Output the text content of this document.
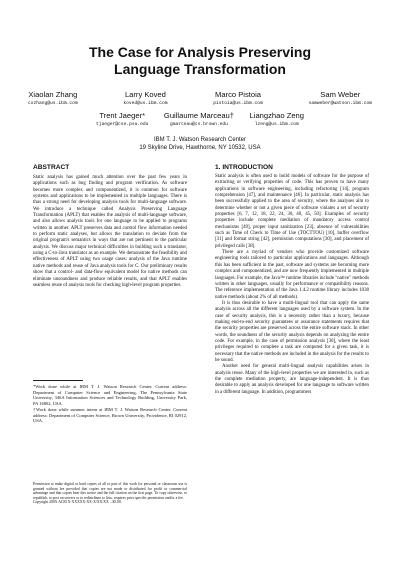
The Case for Analysis Preserving
Language Transformation
Xiaolan Zhang
cxzhang@us.ibm.com
Larry Koved
koved@us.ibm.com
Marco Pistoia
pistoia@us.ibm.com
Sam Weber
samweber@watson.ibm.com
Trent Jaeger*
tjaeger@cse.psu.edu
Guillaume Marceau†
gmarceau@cs.brown.edu
Liangzhao Zeng
lzeng@us.ibm.com
IBM T. J. Watson Research Center
19 Skyline Drive, Hawthorne, NY 10532, USA
ABSTRACT

Static analysis has gained much attention over the past few years in applications such as bug finding and program verification. As software becomes more complex and componentized, it is common for software systems and applications to be implemented in multiple languages. There is thus a strong need for developing analysis tools for multi-language software. We introduce a technique called Analysis Preserving Language Transformation (APLT) that enables the analysis of multi-language software, and also allows analysis tools for one language to be applied to programs written in another. APLT preserves data and control flow information needed to perform static analyses, but allows the translation to deviate from the original program's semantics in ways that are not pertinent to the particular analysis. We discuss major technical difficulties in building such a translator, using a C-to-Java translator as an example. We demonstrate the feasibility and effectiveness of APLT using two usage cases: analysis of the Java runtime native methods and reuse of Java analysis tools for C. Our preliminary results show that a control- and data-flow equivalent model for native methods can eliminate unsoundness and produce reliable results, and that APLT enables seamless reuse of analysis tools for checking high-level program properties.

*Work done while at IBM T. J. Watson Research Center. Current address: Department of Computer Science and Engineering, The Pennsylvania State University, 346A Information Sciences and Technology Building, University Park, PA 16802, USA.

†Work done while summer intern at IBM T. J. Watson Research Center. Current address: Department of Computer Science, Brown University, Providence, RI 02912, USA.

Permission to make digital or hard copies of all or part of this work for personal or classroom use is granted without fee provided that copies are not made or distributed for profit or commercial advantage and that copies bear this notice and the full citation on the first page. To copy otherwise, to republish, to post on servers or to redistribute to lists, requires prior specific permission and/or a fee.

Copyright 200X ACM X-XXXXX-XX-X/XX/XX ...$5.00.

1. INTRODUCTION

Static analysis is often used to build models of software for the purpose of extracting or verifying properties of code. This has proven to have many applications in software engineering, including refactoring [14], program comprehension [47], and maintenance [46]. In particular, static analysis has been successfully applied to the area of security, where the analyses aim to determine whether or not a given piece of software violates a set of security properties [6, 7, 12, 18, 22, 24, 30, 40, 45, 50]. Examples of security properties include complete mediation of mandatory access control mechanisms [49], proper input sanitization [23], absence of vulnerabilities such as Time of Check to Time of Use (TOCTTOU) [10], buffer overflow [31] and format string [42], permission computations [30], and placement of privileged calls [38].

There are a myriad of vendors who provide customized software engineering tools tailored to particular applications and languages. Although this has been sufficient in the past, software and systems are becoming more complex and componentized, and are now frequently implemented in multiple languages. For example, the Java™ runtime libraries include "native" methods written in other languages, usually for performance or compatibility reasons. The reference implementation of the Java 1.4.2 runtime library includes 1038 native methods (about 2% of all methods).

It is thus desirable to have a multi-lingual tool that can apply the same analysis across all the different languages used by a software system. In the case of security analysis, this is a necessity rather than a luxury, because making end-to-end security guarantees or assurance statements requires that the security properties are preserved across the entire software stack. In other words, the soundness of the security analysis depends on analyzing the entire code. For example, in the case of permission analysis [30], where the least privileges required to complete a task are computed for a given task, it is necessary that the native methods are included in the analysis for the results to be sound.

Another need for general multi-lingual analysis capabilities arises in analysis reuse. Many of the high-level properties we are interested in, such as the complete mediation property, are language-independent. It is thus desirable to apply an analysis developed for one language to software written in a different language. In addition, programmers
